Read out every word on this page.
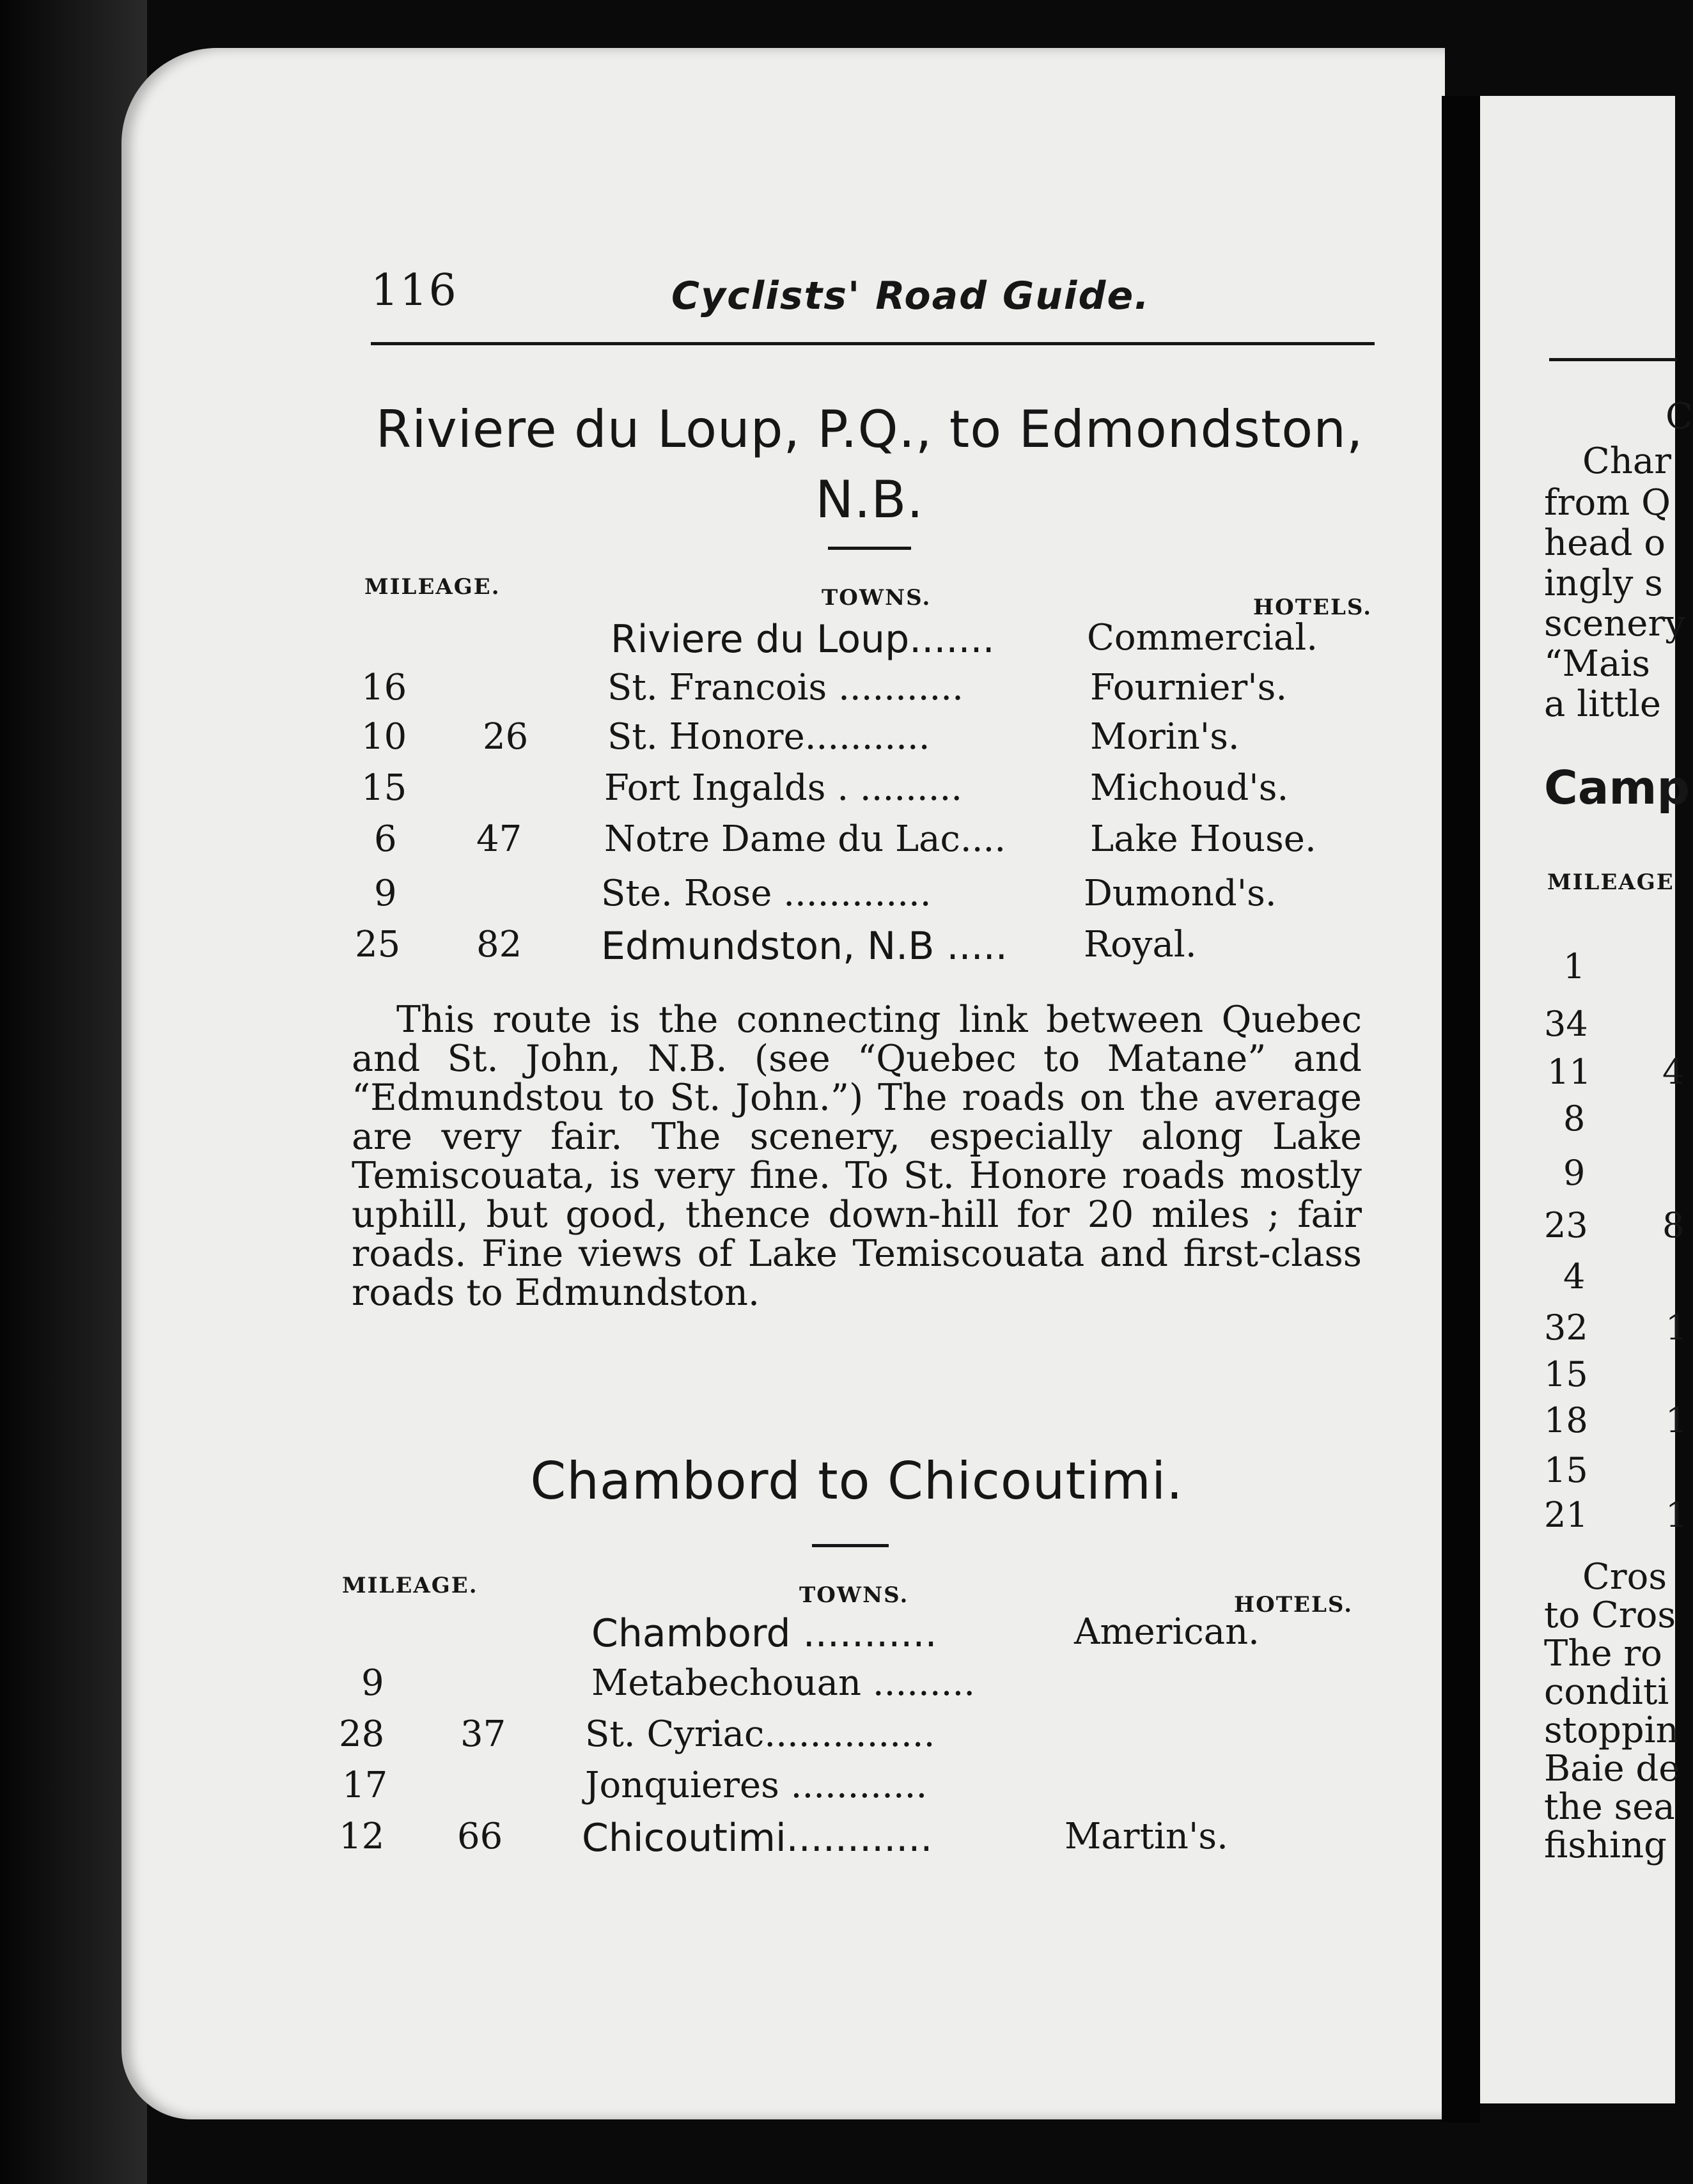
116	Cyclists' Road Guide.
Riviere du Loup, P.Q., to Edmondston,
N.B.
MILEAGE.	TOWNS.	HOTELS.
Riviere du Loup.......	Commercial.
16	St. Francois ...........	Fournier's.
10 26 St. Honore...........	Morin's.
15	Fort Ingalds . .........	Michoud's.
6 47 Notre Dame du Lac.... Lake House.
9	Ste. Rose .............	Dumond's.
25 82 Edmundston, N.B ..... Royal.
This route is the connecting link between Quebec and St. John, N.B. (see “Quebec to Matane” and “Edmundstou to St. John.”) The roads on the average are very fair. The scenery, especially along Lake Temiscouata, is very fine. To St. Honore roads mostly uphill, but good, thence down-hill for 20 miles ; fair roads. Fine views of Lake Temiscouata and first-class roads to Edmundston.
Chambord to Chicoutimi.
MILEAGE.	TOWNS.	HOTELS.
Chambord ...........	American.
9	Metabechouan .........
28 37 St. Cyriac...............
17	Jonquieres ............
12 66 Chicoutimi............	Martin's.
C
Char
from Q
head o
ingly s
scenery
“Mais
a little
Camp
MILEAGE
1
34
11
8
9
23
4
32
15
18
15
21
4
8
1
1
1
Cros
to Cros
The ro
conditi
stoppin
Baie de
the sea
fishing
